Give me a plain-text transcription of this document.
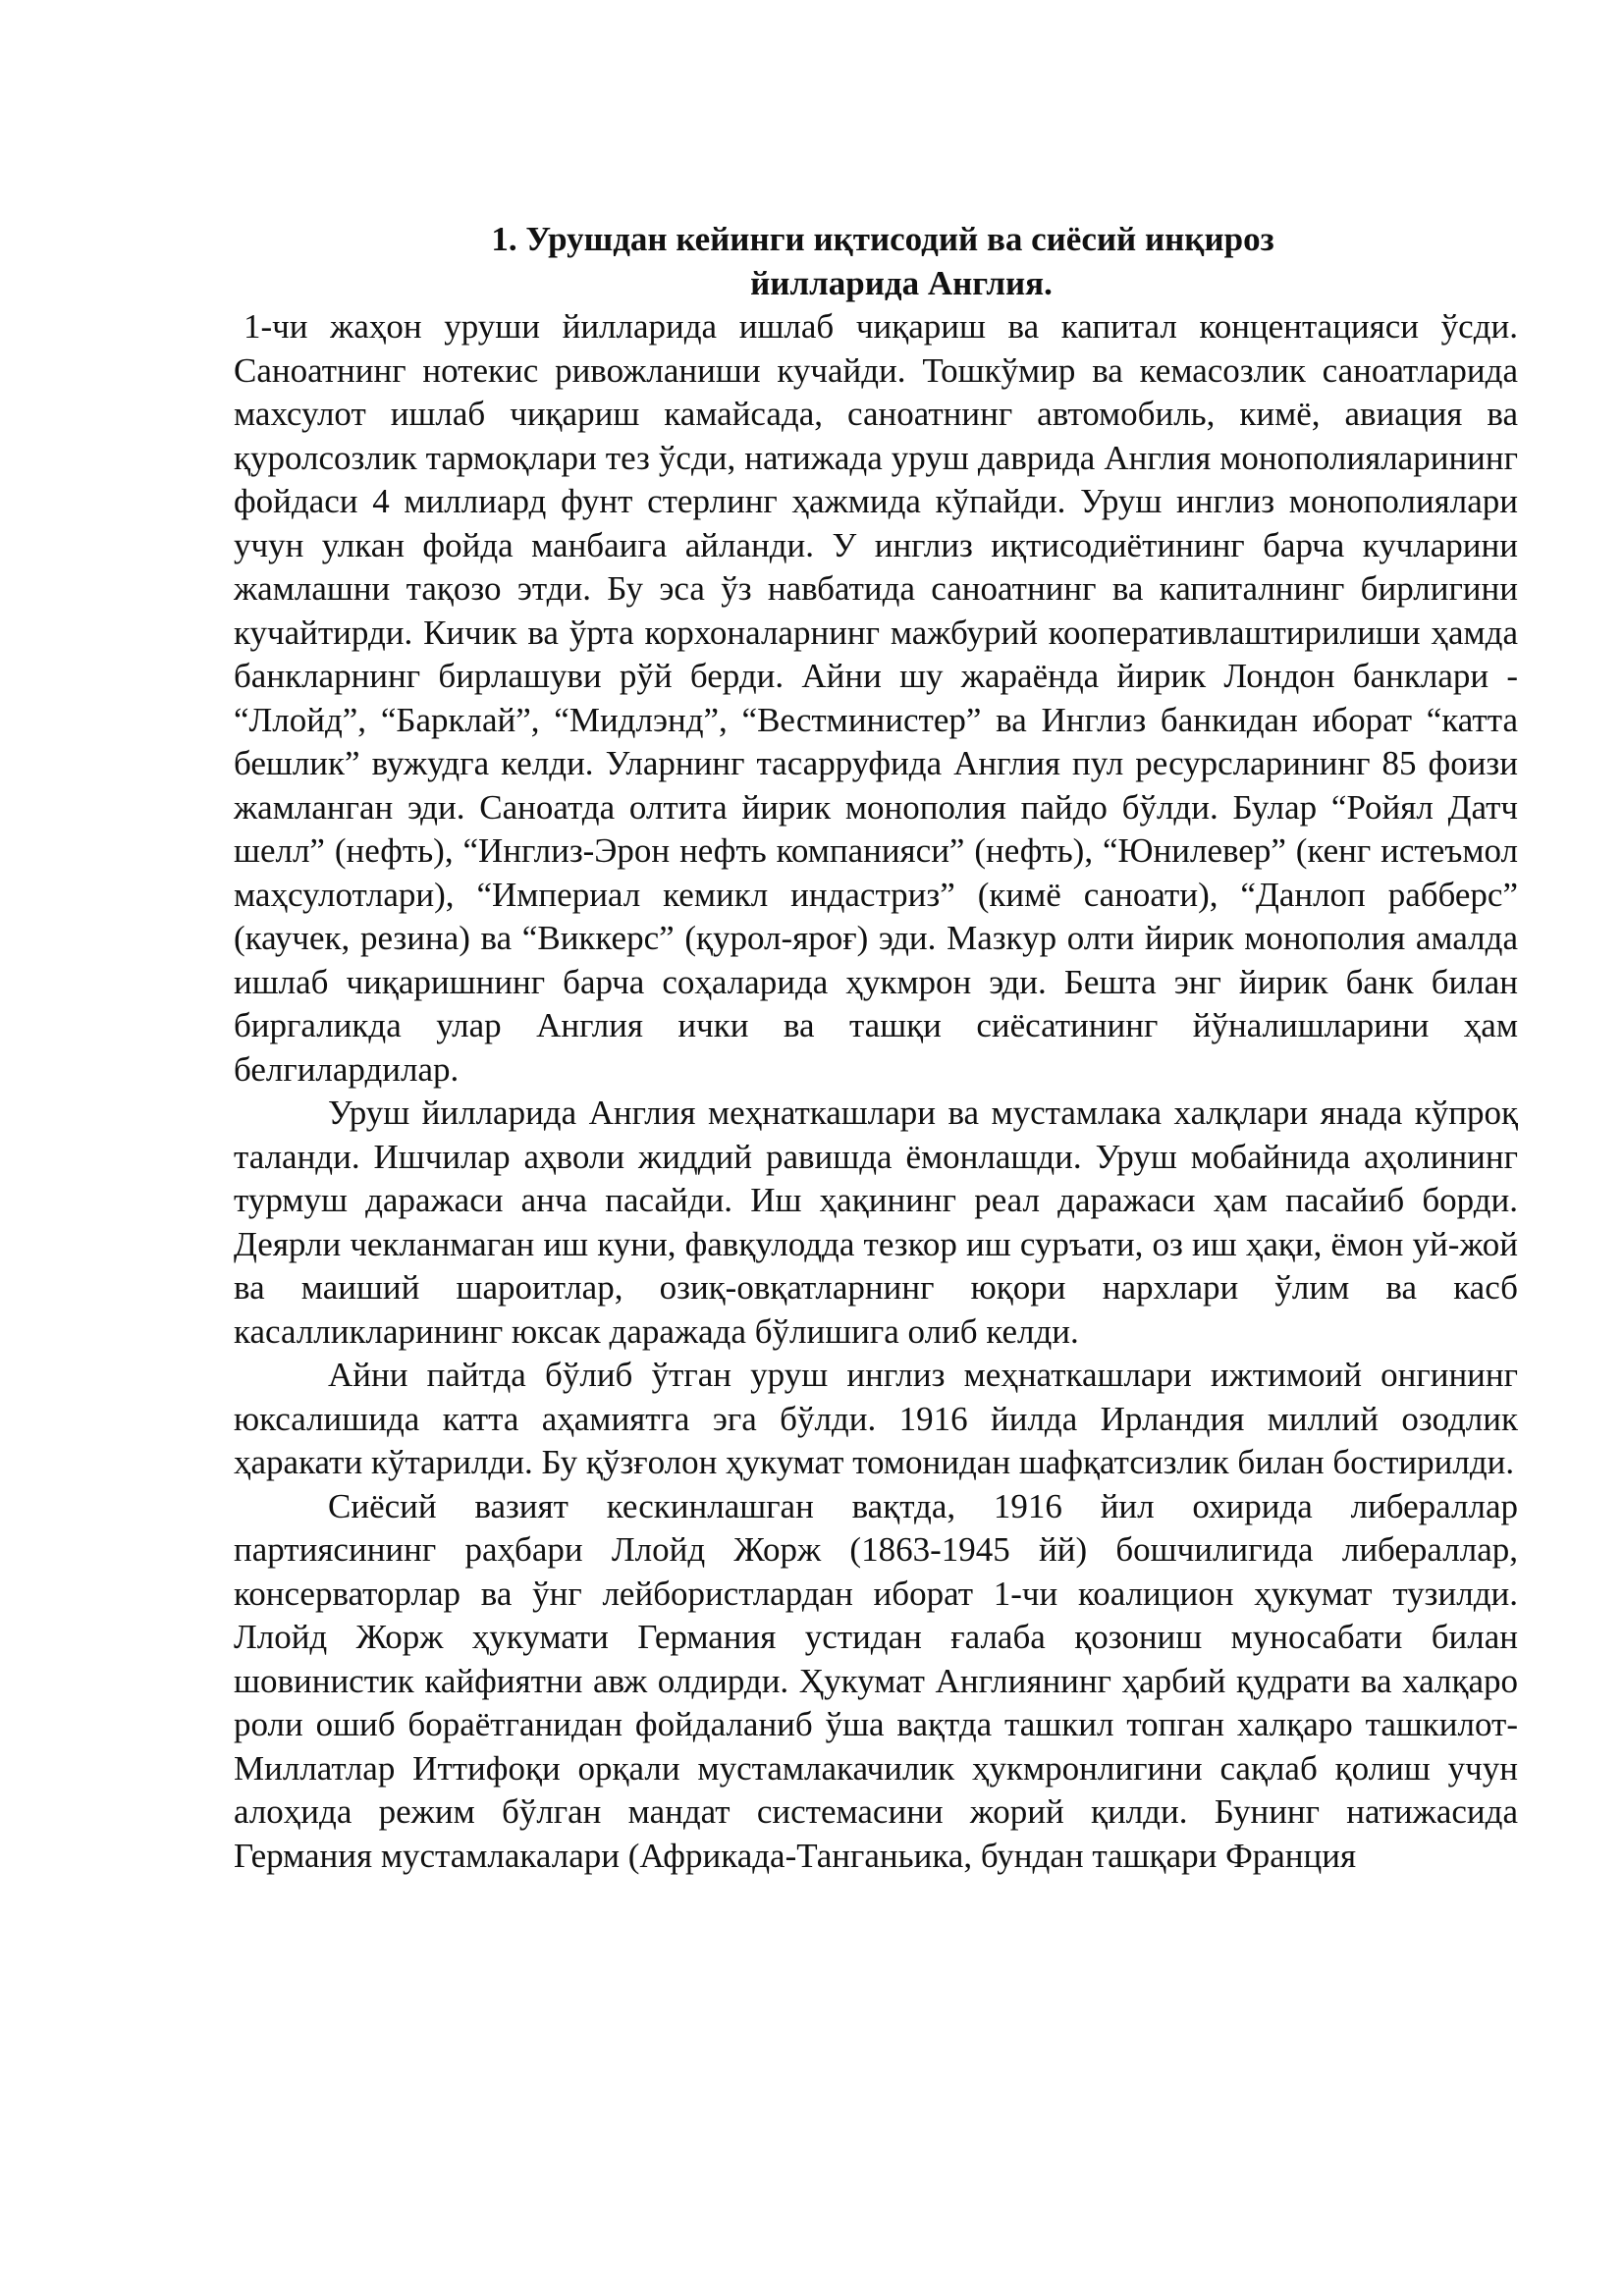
1. Урушдан кейинги иқтисодий ва сиёсий инқироз
йилларида Англия.

1-чи жаҳон уруши йилларида ишлаб чиқариш ва капитал концентацияси ўсди. Саноатнинг нотекис ривожланиши кучайди. Тошкўмир ва кемасозлик саноатларида махсулот ишлаб чиқариш камайсада, саноатнинг автомобиль, кимё, авиация ва қуролсозлик тармоқлари тез ўсди, натижада уруш даврида Англия монополияларининг фойдаси 4 миллиард фунт стерлинг ҳажмида кўпайди. Уруш инглиз монополиялари учун улкан фойда манбаига айланди. У инглиз иқтисодиётининг барча кучларини жамлашни тақозо этди. Бу эса ўз навбатида саноатнинг ва капиталнинг бирлигини кучайтирди. Кичик ва ўрта корхоналарнинг мажбурий кооперативлаштирилиши ҳамда банкларнинг бирлашуви рўй берди. Айни шу жараёнда йирик Лондон банклари - “Ллойд”, “Барклай”, “Мидлэнд”, “Вестминистер” ва Инглиз банкидан иборат “катта бешлик” вужудга келди. Уларнинг тасарруфида Англия пул ресурсларининг 85 фоизи жамланган эди. Саноатда олтита йирик монополия пайдо бўлди. Булар “Ройял Датч шелл” (нефть), “Инглиз-Эрон нефть компанияси” (нефть), “Юнилевер” (кенг истеъмол маҳсулотлари), “Империал кемикл индастриз” (кимё саноати), “Данлоп рабберс” (каучек, резина) ва “Виккерс” (қурол-яроғ) эди. Мазкур олти йирик монополия амалда ишлаб чиқаришнинг барча соҳаларида ҳукмрон эди. Бешта энг йирик банк билан биргаликда улар Англия ички ва ташқи сиёсатининг йўналишларини ҳам белгилардилар.

Уруш йилларида Англия меҳнаткашлари ва мустамлака халқлари янада кўпроқ таланди. Ишчилар аҳволи жиддий равишда ёмонлашди. Уруш мобайнида аҳолининг турмуш даражаси анча пасайди. Иш ҳақининг реал даражаси ҳам пасайиб борди. Деярли чекланмаган иш куни, фавқулодда тезкор иш суръати, оз иш ҳақи, ёмон уй-жой ва маиший шароитлар, озиқ-овқатларнинг юқори нархлари ўлим ва касб касалликларининг юксак даражада бўлишига олиб келди.

Айни пайтда бўлиб ўтган уруш инглиз меҳнаткашлари ижтимоий онгининг юксалишида катта аҳамиятга эга бўлди. 1916 йилда Ирландия миллий озодлик ҳаракати кўтарилди. Бу қўзғолон ҳукумат томонидан шафқатсизлик билан бостирилди.

Сиёсий вазият кескинлашган вақтда, 1916 йил охирида либераллар партиясининг раҳбари Ллойд Жорж (1863-1945 йй) бошчилигида либераллар, консерваторлар ва ўнг лейбористлардан иборат 1-чи коалицион ҳукумат тузилди. Ллойд Жорж ҳукумати Германия устидан ғалаба қозониш муносабати билан шовинистик кайфиятни авж олдирди. Ҳукумат Англиянинг ҳарбий қудрати ва халқаро роли ошиб бораётганидан фойдаланиб ўша вақтда ташкил топган халқаро ташкилот-Миллатлар Иттифоқи орқали мустамлакачилик ҳукмронлигини сақлаб қолиш учун алоҳида режим бўлган мандат системасини жорий қилди. Бунинг натижасида Германия мустамлакалари (Африкада-Танганьика, бундан ташқари Франция
